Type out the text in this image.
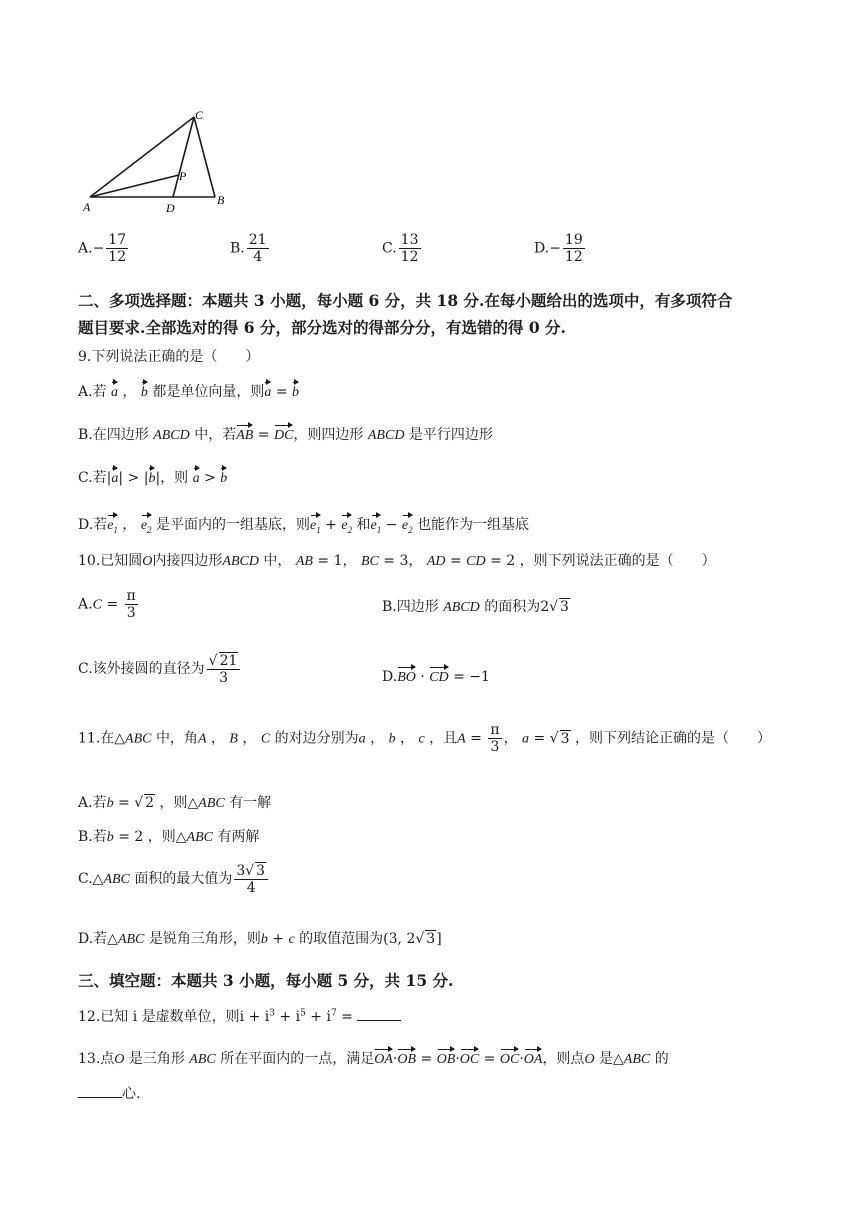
A	B
C
D
P
$A.- \frac{17}{12}$	B. $\frac{21}{4}$	C. $\frac{13}{12}$	$D.- \frac{19}{12}$
二、多项选择题：本题共 3 小题，每小题 6 分，共 18 分.在每小题给出的选项中，有多项符合
题目要求.全部选对的得 6 分，部分选对的得部分分，有选错的得 0 分.
9.下列说法正确的是（　　）
A.若 a ， b 都是单位向量，则a = b
B.在四边形 ABCD 中，若AB = DC，则四边形 ABCD 是平行四边形
C.若|a| > |b|，则 a > b
D.若$e_1$ ， $e_2$ 是平面内的一组基底，则$e_1 + e_2$ 和$e_1 - e_2$ 也能作为一组基底
10.已知圆O内接四边形ABCD 中， AB = 1， BC = 3， AD = CD = 2 ，则下列说法正确的是（　　）
$A.C = \frac{\pi}{3}$	B.四边形 ABCD 的面积为2√ 3
C.该外接圆的直径为 $\frac{√ 21}{3}$	D.BO · CD = −1
11.在△ABC 中，角A ， B ， C 的对边分别为a ， b ， c ，且$A = \frac{\pi}{3}$ ， a = √ 3 ，则下列结论正确的是（　　）
A.若b = √ 2 ，则△ABC 有一解
B.若b = 2 ，则△ABC 有两解
C.△ABC 面积的最大值为 $\frac{3√ 3}{4}$
D.若△ABC 是锐角三角形，则b + c 的取值范围为(3, 2√ 3]
三、填空题：本题共 3 小题，每小题 5 分，共 15 分.
12.已知 i 是虚数单位，则$i + i^3 + i^5 + i^7$ =
13.点O 是三角形 ABC 所在平面内的一点，满足OA·OB = OB·OC = OC·OA，则点O 是△ABC 的
心.
